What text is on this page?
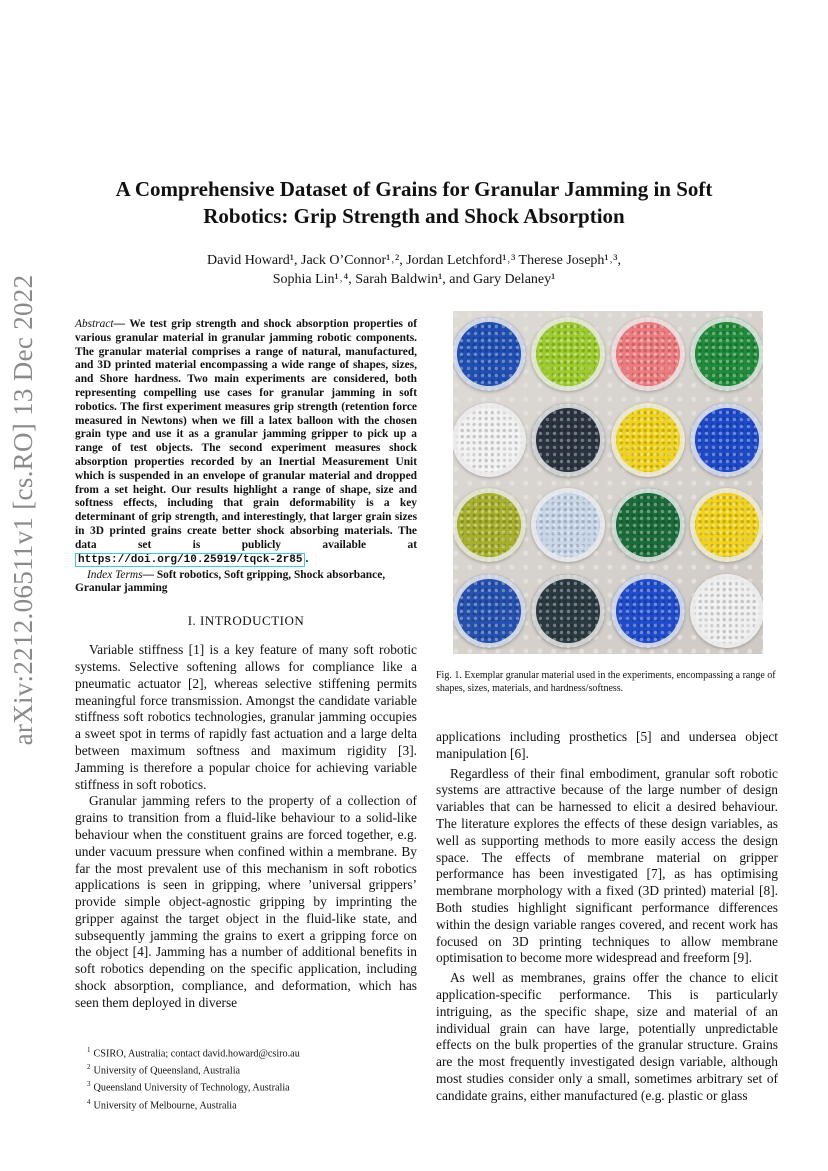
arXiv:2212.06511v1 [cs.RO] 13 Dec 2022
A Comprehensive Dataset of Grains for Granular Jamming in Soft Robotics: Grip Strength and Shock Absorption
David Howard¹, Jack O’Connor¹˒², Jordan Letchford¹˒³ Therese Joseph¹˒³,
Sophia Lin¹˒⁴, Sarah Baldwin¹, and Gary Delaney¹

Abstract— We test grip strength and shock absorption properties of various granular material in granular jamming robotic components. The granular material comprises a range of natural, manufactured, and 3D printed material encompassing a wide range of shapes, sizes, and Shore hardness. Two main experiments are considered, both representing compelling use cases for granular jamming in soft robotics. The first experiment measures grip strength (retention force measured in Newtons) when we fill a latex balloon with the chosen grain type and use it as a granular jamming gripper to pick up a range of test objects. The second experiment measures shock absorption properties recorded by an Inertial Measurement Unit which is suspended in an envelope of granular material and dropped from a set height. Our results highlight a range of shape, size and softness effects, including that grain deformability is a key determinant of grip strength, and interestingly, that larger grain sizes in 3D printed grains create better shock absorbing materials. The data set is publicly available at https://doi.org/10.25919/tqck-2r85 .

Index Terms— Soft robotics, Soft gripping, Shock absorbance, Granular jamming

I. INTRODUCTION

Variable stiffness [1] is a key feature of many soft robotic systems. Selective softening allows for compliance like a pneumatic actuator [2], whereas selective stiffening permits meaningful force transmission. Amongst the candidate variable stiffness soft robotics technologies, granular jamming occupies a sweet spot in terms of rapidly fast actuation and a large delta between maximum softness and maximum rigidity [3]. Jamming is therefore a popular choice for achieving variable stiffness in soft robotics.

Granular jamming refers to the property of a collection of grains to transition from a fluid-like behaviour to a solid-like behaviour when the constituent grains are forced together, e.g. under vacuum pressure when confined within a membrane. By far the most prevalent use of this mechanism in soft robotics applications is seen in gripping, where ’universal grippers’ provide simple object-agnostic gripping by imprinting the gripper against the target object in the fluid-like state, and subsequently jamming the grains to exert a gripping force on the object [4]. Jamming has a number of additional benefits in soft robotics depending on the specific application, including shock absorption, compliance, and deformation, which has seen them deployed in diverse

Fig. 1. Exemplar granular material used in the experiments, encompassing a range of shapes, sizes, materials, and hardness/softness.

applications including prosthetics [5] and undersea object manipulation [6].

Regardless of their final embodiment, granular soft robotic systems are attractive because of the large number of design variables that can be harnessed to elicit a desired behaviour. The literature explores the effects of these design variables, as well as supporting methods to more easily access the design space. The effects of membrane material on gripper performance has been investigated [7], as has optimising membrane morphology with a fixed (3D printed) material [8]. Both studies highlight significant performance differences within the design variable ranges covered, and recent work has focused on 3D printing techniques to allow membrane optimisation to become more widespread and freeform [9].

As well as membranes, grains offer the chance to elicit application-specific performance. This is particularly intriguing, as the specific shape, size and material of an individual grain can have large, potentially unpredictable effects on the bulk properties of the granular structure. Grains are the most frequently investigated design variable, although most studies consider only a small, sometimes arbitrary set of candidate grains, either manufactured (e.g. plastic or glass

$^1$ CSIRO, Australia; contact david.howard@csiro.au
$^2$ University of Queensland, Australia
$^3$ Queensland University of Technology, Australia
$^4$ University of Melbourne, Australia
